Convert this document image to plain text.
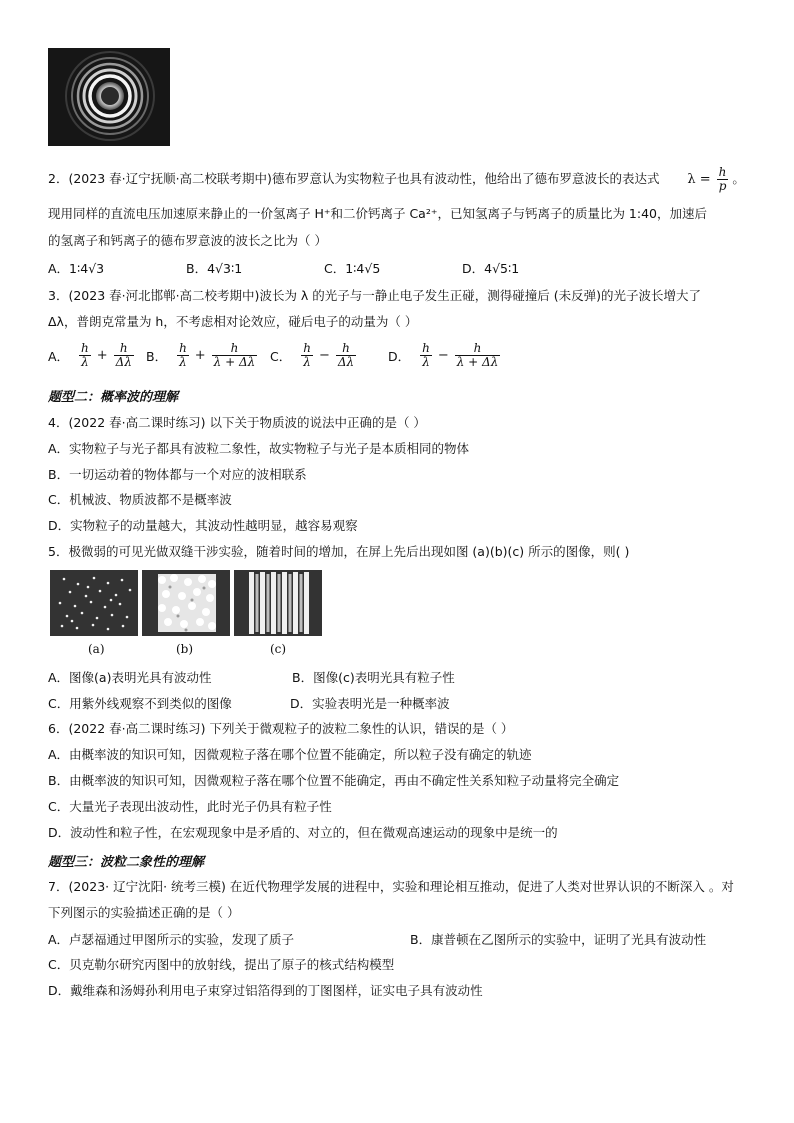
2．(2023 春·辽宁抚顺·高二校联考期中)德布罗意认为实物粒子也具有波动性，他给出了德布罗意波长的表达式 $\lambda = \frac{h}{p}$ 。
现用同样的直流电压加速原来静止的一价氢离子 H⁺和二价钙离子 Ca²⁺，已知氢离子与钙离子的质量比为 1:40，加速后
的氢离子和钙离子的德布罗意波的波长之比为（ ）
A．1∶4√3	B．4√3∶1	C．1∶4√5	D．4√5∶1
3．(2023 春·河北邯郸·高二校考期中)波长为 λ 的光子与一静止电子发生正碰，测得碰撞后 (未反弹)的光子波长增大了
Δλ，普朗克常量为 h，不考虑相对论效应，碰后电子的动量为（ ）
A． $\frac{h}{\lambda} + \frac{h}{\Delta\lambda}$ B． $\frac{h}{\lambda} + \frac{h}{\lambda + \Delta\lambda}$ C． $\frac{h}{\lambda} - \frac{h}{\Delta\lambda}$	D． $\frac{h}{\lambda} - \frac{h}{\lambda + \Delta\lambda}$
题型二：概率波的理解
4．(2022 春·高二课时练习) 以下关于物质波的说法中正确的是（ ）
A．实物粒子与光子都具有波粒二象性，故实物粒子与光子是本质相同的物体
B．一切运动着的物体都与一个对应的波相联系
C．机械波、物质波都不是概率波
D．实物粒子的动量越大，其波动性越明显，越容易观察
5．极微弱的可见光做双缝干涉实验，随着时间的增加，在屏上先后出现如图 (a)(b)(c) 所示的图像，则( )
(a)	(b)	(c)
A．图像(a)表明光具有波动性	B．图像(c)表明光具有粒子性
C．用紫外线观察不到类似的图像	D．实验表明光是一种概率波
6．(2022 春·高二课时练习) 下列关于微观粒子的波粒二象性的认识，错误的是（ ）
A．由概率波的知识可知，因微观粒子落在哪个位置不能确定，所以粒子没有确定的轨迹
B．由概率波的知识可知，因微观粒子落在哪个位置不能确定，再由不确定性关系知粒子动量将完全确定
C．大量光子表现出波动性，此时光子仍具有粒子性
D．波动性和粒子性，在宏观现象中是矛盾的、对立的，但在微观高速运动的现象中是统一的
题型三：波粒二象性的理解
7．(2023· 辽宁沈阳· 统考三模) 在近代物理学发展的进程中，实验和理论相互推动，促进了人类对世界认识的不断深入 。对
下列图示的实验描述正确的是（ ）
A．卢瑟福通过甲图所示的实验，发现了质子	B．康普顿在乙图所示的实验中，证明了光具有波动性
C．贝克勒尔研究丙图中的放射线，提出了原子的核式结构模型
D．戴维森和汤姆孙利用电子束穿过铝箔得到的丁图图样，证实电子具有波动性
